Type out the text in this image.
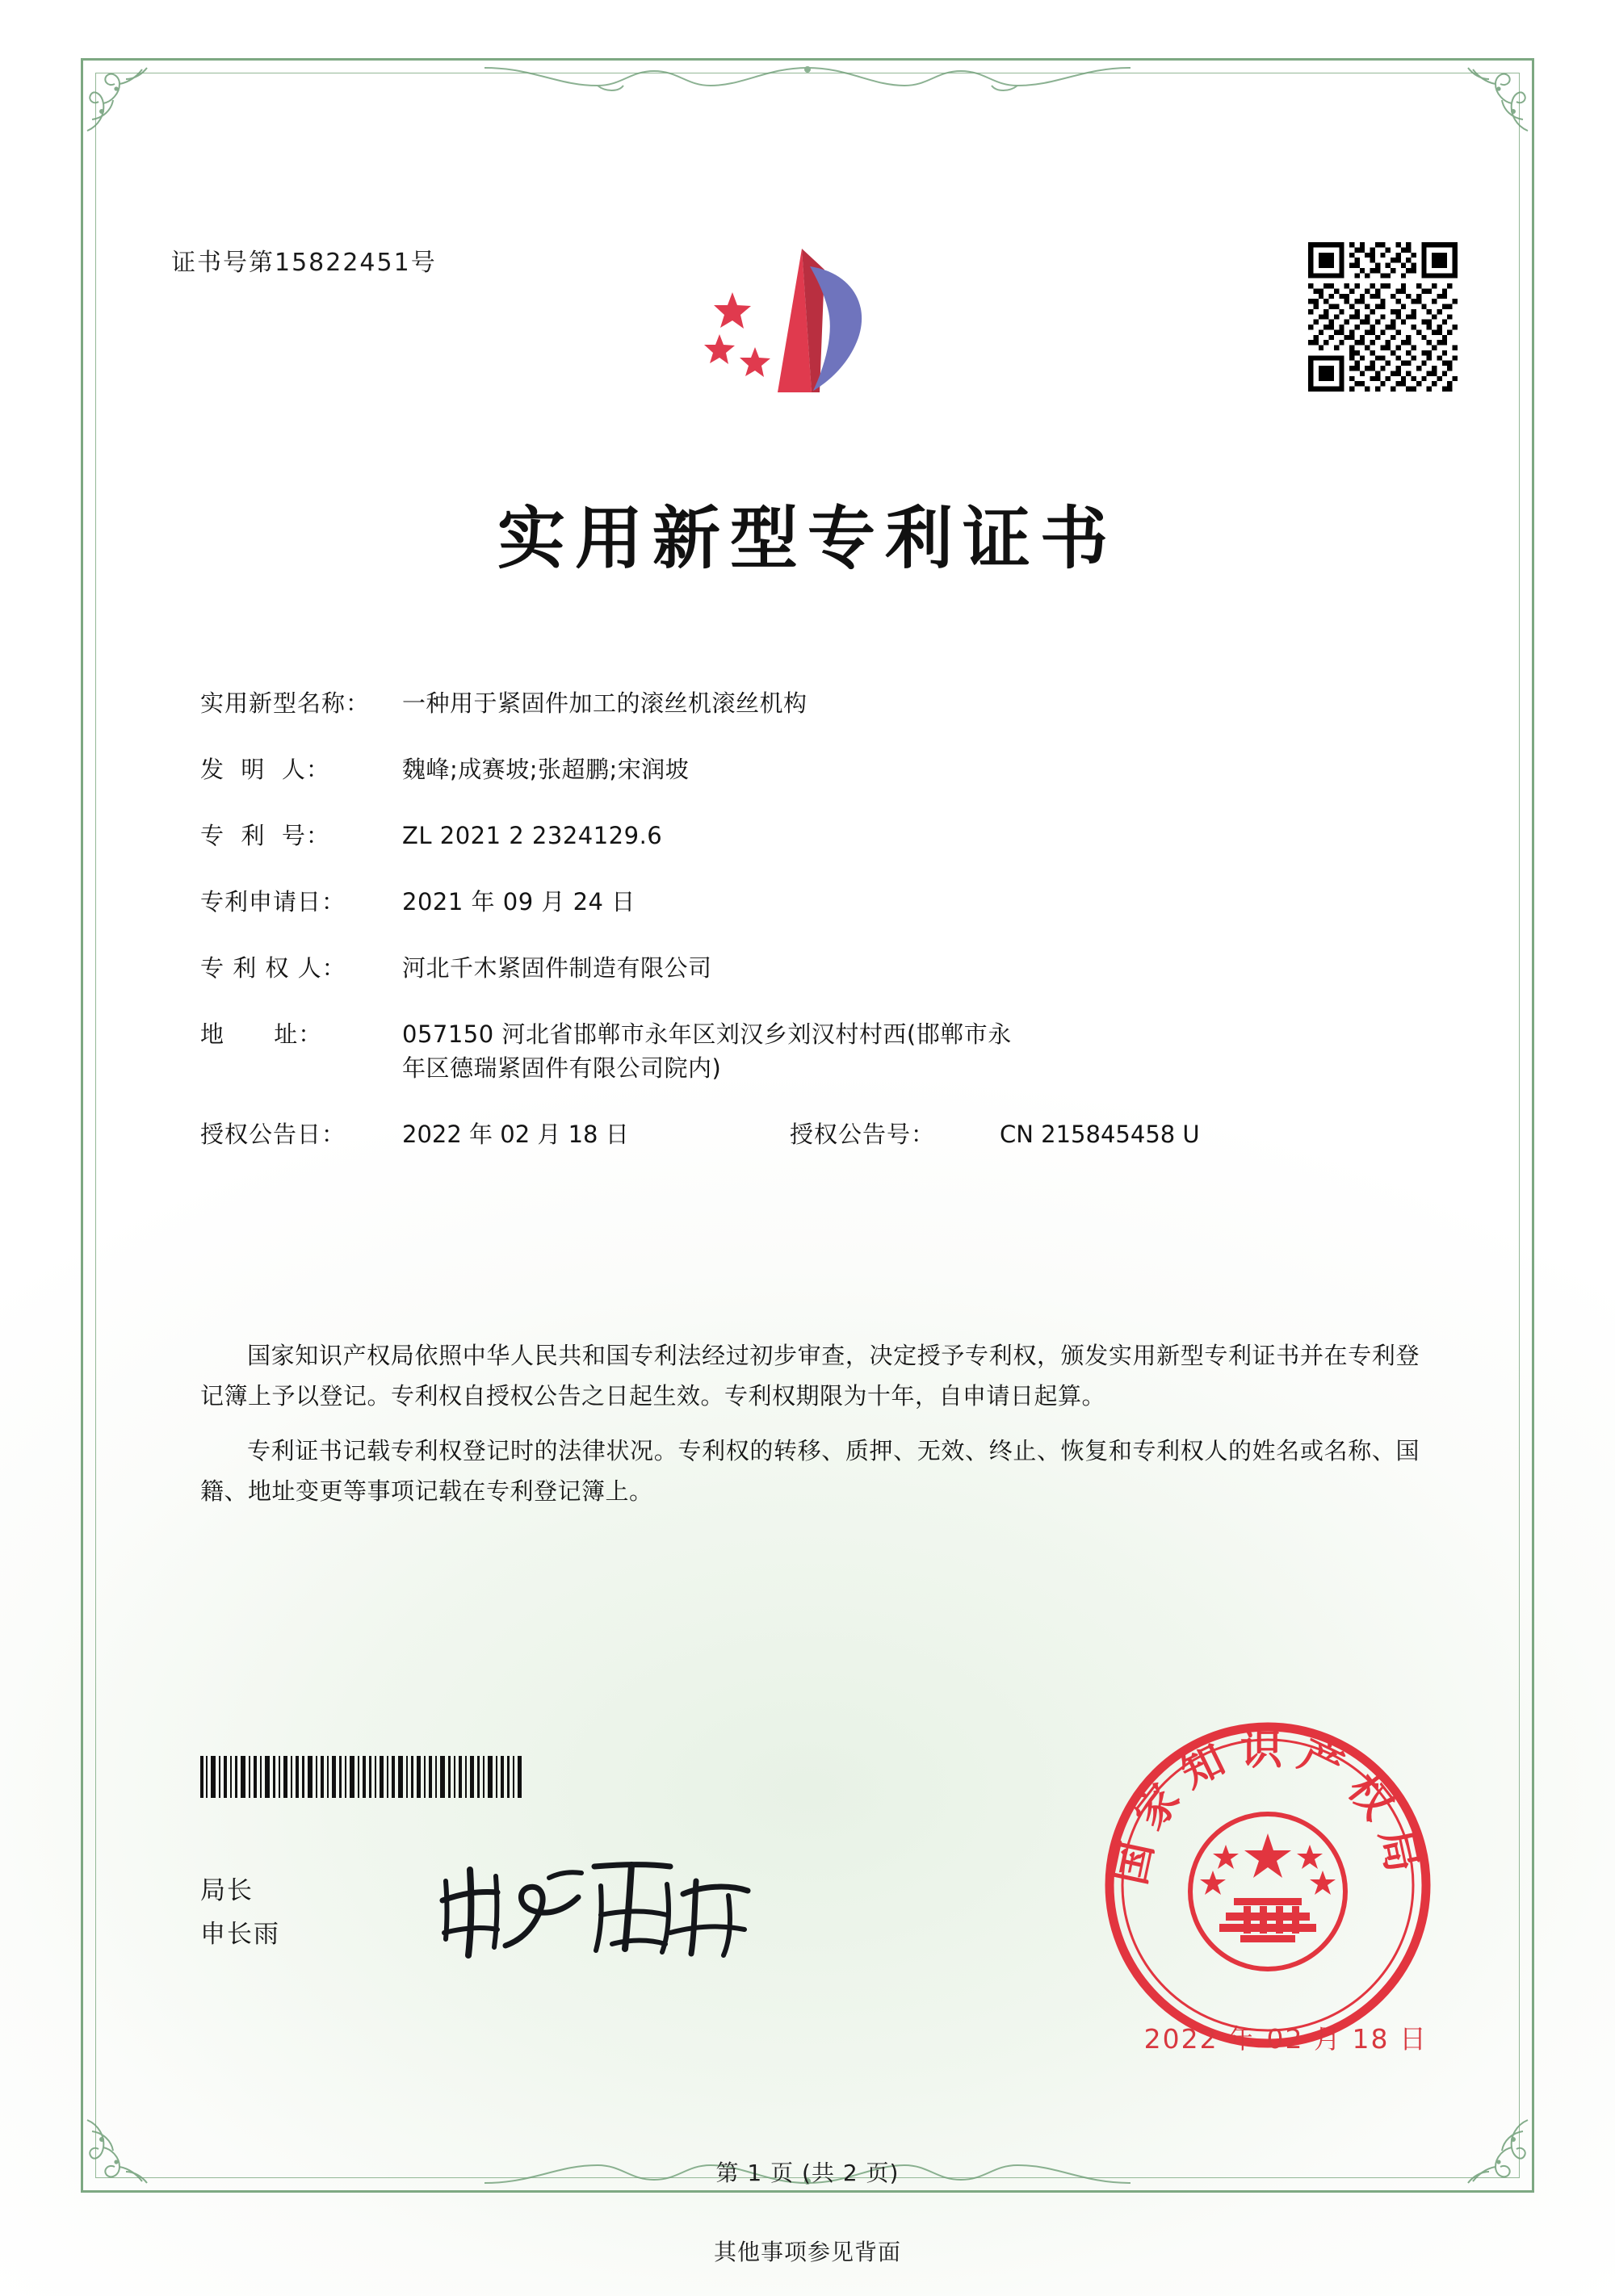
证书号第15822451号
实用新型专利证书
实用新型名称：	一种用于紧固件加工的滚丝机滚丝机构
发  明  人：	魏峰;成赛坡;张超鹏;宋润坡
专  利  号：	ZL 2021 2 2324129.6
专利申请日：	2021 年 09 月 24 日
专 利 权 人：	河北千木紧固件制造有限公司
地      址：	057150 河北省邯郸市永年区刘汉乡刘汉村村西(邯郸市永
年区德瑞紧固件有限公司院内)
授权公告日：	2022 年 02 月 18 日	授权公告号：	CN 215845458 U

国家知识产权局依照中华人民共和国专利法经过初步审查，决定授予专利权，颁发实用新型专利证书并在专利登记簿上予以登记。专利权自授权公告之日起生效。专利权期限为十年，自申请日起算。

专利证书记载专利权登记时的法律状况。专利权的转移、质押、无效、终止、恢复和专利权人的姓名或名称、国籍、地址变更等事项记载在专利登记簿上。

局长
申长雨
国家知识产权局
2022 年 02 月 18 日
第 1 页 (共 2 页)
其他事项参见背面
